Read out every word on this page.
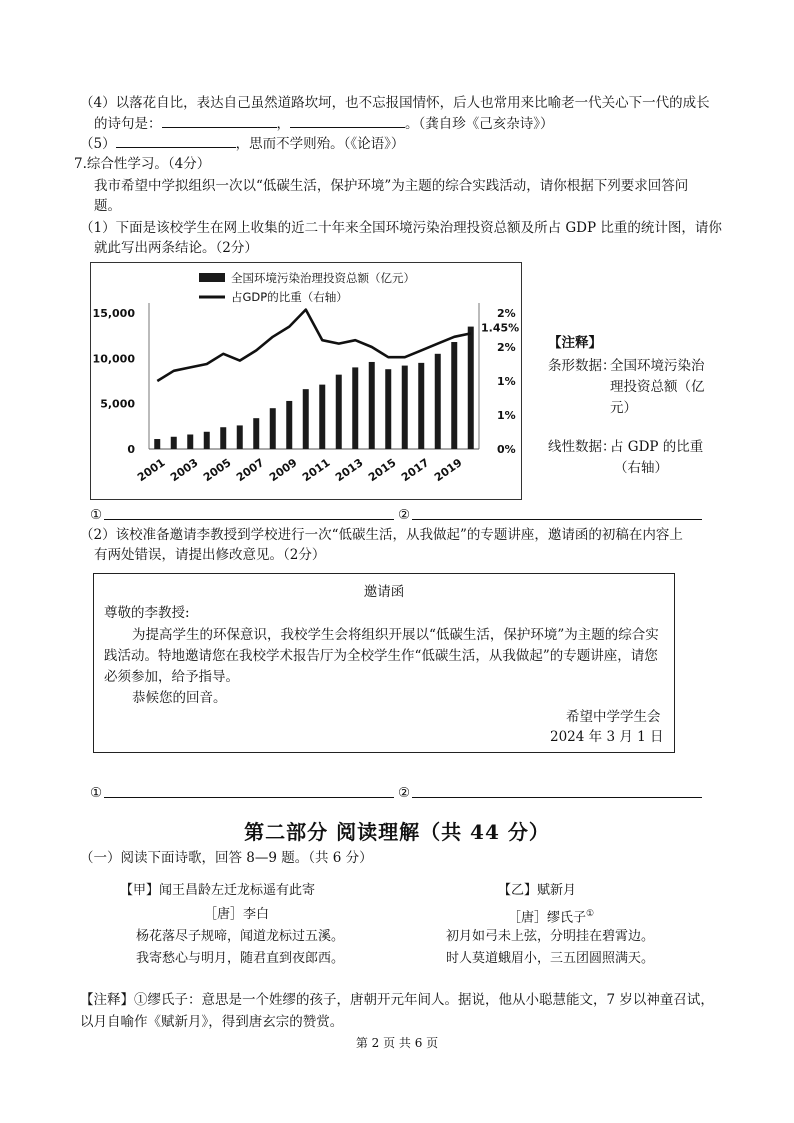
（4）以落花自比，表达自己虽然道路坎坷，也不忘报国情怀，后人也常用来比喻老一代关心下一代的成长
的诗句是：	，	。（龚自珍《己亥杂诗》）
（5）	，思而不学则殆。（《论语》）
7.综合性学习。（4分）
我市希望中学拟组织一次以“低碳生活，保护环境”为主题的综合实践活动，请你根据下列要求回答问
题。
（1）下面是该校学生在网上收集的近二十年来全国环境污染治理投资总额及所占 GDP 比重的统计图，请你
就此写出两条结论。（2分）
全国环境污染治理投资总额（亿元）
占GDP的比重（右轴）
15,000
10,000
5,000
0
2%
2%
1%
1%
0%
1.45%
2001 2003 2005 2007 2009 2011 2013 2015 2017 2019
【注释】
条形数据：
全国环境污染治
理投资总额（亿
元）
线性数据：
占 GDP 的比重
（右轴）
①	②
（2）该校准备邀请李教授到学校进行一次“低碳生活，从我做起”的专题讲座，邀请函的初稿在内容上
有两处错误，请提出修改意见。（2分）
邀请函
尊敬的李教授:
为提高学生的环保意识，我校学生会将组织开展以“低碳生活，保护环境”为主题的综合实
践活动。特地邀请您在我校学术报告厅为全校学生作“低碳生活，从我做起”的专题讲座，请您
必须参加，给予指导。
恭候您的回音。
希望中学学生会
2024 年 3 月 1 日
①	②
第二部分 阅读理解（共 44 分）
（一）阅读下面诗歌，回答 8—9 题。（共 6 分）
【甲】闻王昌龄左迁龙标遥有此寄
［唐］李白
杨花落尽子规啼，闻道龙标过五溪。
我寄愁心与明月，随君直到夜郎西。
【乙】赋新月
［唐］缪氏子①
初月如弓未上弦，分明挂在碧霄边。
时人莫道蛾眉小，三五团圆照满天。
【注释】①缪氏子：意思是一个姓缪的孩子，唐朝开元年间人。据说，他从小聪慧能文，7 岁以神童召试，
以月自喻作《赋新月》，得到唐玄宗的赞赏。
第 2 页 共 6 页
